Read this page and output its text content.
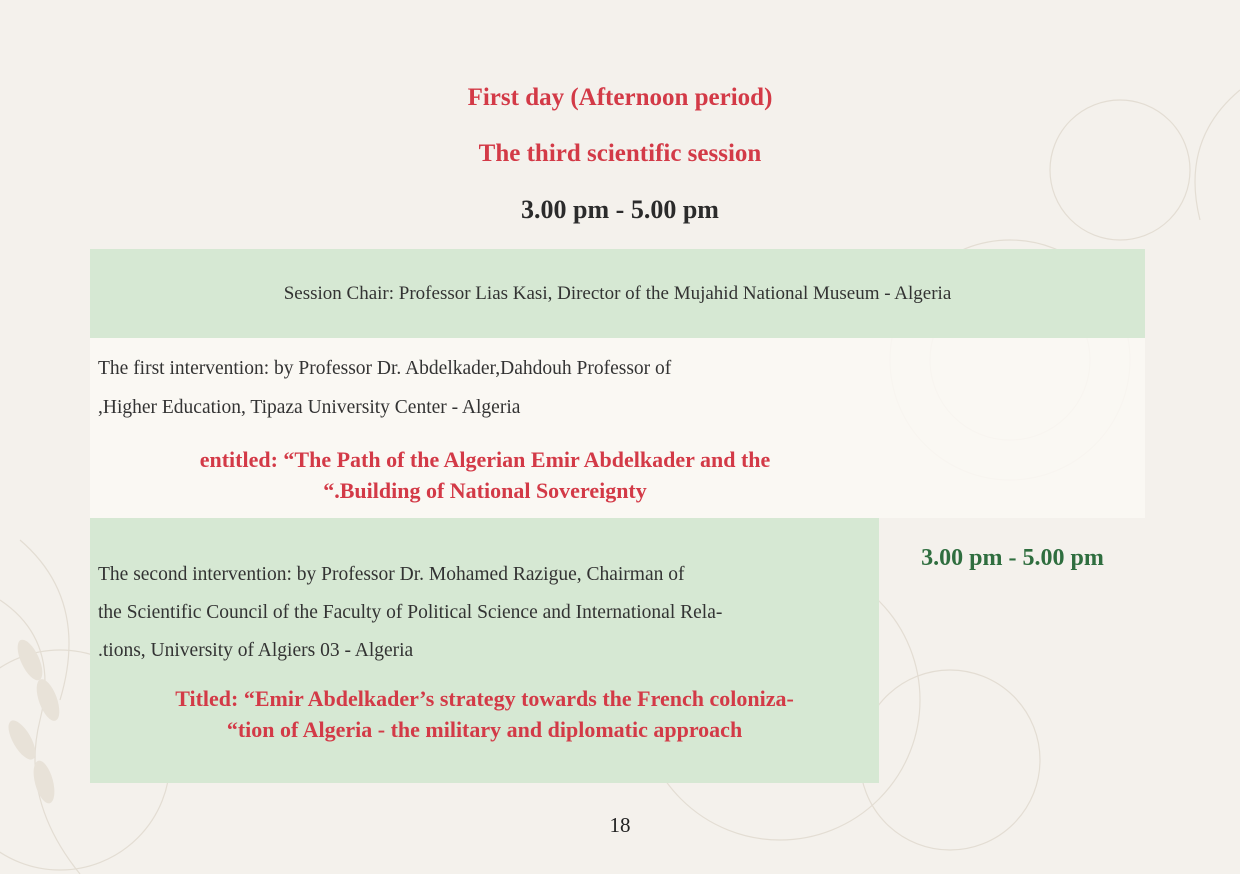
First day (Afternoon period)
The third scientific session
3.00 pm - 5.00 pm
Session Chair: Professor Lias Kasi, Director of the Mujahid National Museum - Algeria
The first intervention: by Professor Dr. Abdelkader,Dahdouh Professor of
,Higher Education, Tipaza University Center - Algeria
entitled: “The Path of the Algerian Emir Abdelkader and the
“.Building of National Sovereignty
The second intervention: by Professor Dr. Mohamed Razigue, Chairman of
the Scientific Council of the Faculty of Political Science and International Rela-
.tions, University of Algiers 03 - Algeria
Titled: “Emir Abdelkader’s strategy towards the French coloniza-
“tion of Algeria - the military and diplomatic approach
3.00 pm - 5.00 pm
18
